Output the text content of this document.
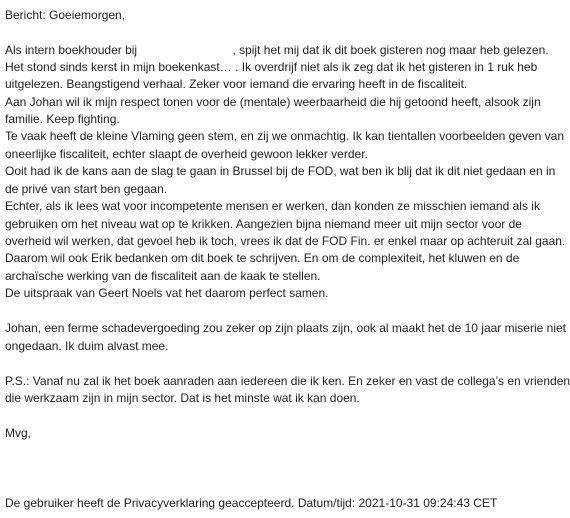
Bericht: Goeiemorgen,
Als intern boekhouder bij	, spijt het mij dat ik dit boek gisteren nog maar heb gelezen.
Het stond sinds kerst in mijn boekenkast… . Ik overdrijf niet als ik zeg dat ik het gisteren in 1 ruk heb
uitgelezen. Beangstigend verhaal. Zeker voor iemand die ervaring heeft in de fiscaliteit.
Aan Johan wil ik mijn respect tonen voor de (mentale) weerbaarheid die hij getoond heeft, alsook zijn
familie. Keep fighting.
Te vaak heeft de kleine Vlaming geen stem, en zij we onmachtig. Ik kan tientallen voorbeelden geven van
oneerlijke fiscaliteit, echter slaapt de overheid gewoon lekker verder.
Ooit had ik de kans aan de slag te gaan in Brussel bij de FOD, wat ben ik blij dat ik dit niet gedaan en in
de privé van start ben gegaan.
Echter, als ik lees wat voor incompetente mensen er werken, dan konden ze misschien iemand als ik
gebruiken om het niveau wat op te krikken. Aangezien bijna niemand meer uit mijn sector voor de
overheid wil werken, dat gevoel heb ik toch, vrees ik dat de FOD Fin. er enkel maar op achteruit zal gaan.
Daarom wil ook Erik bedanken om dit boek te schrijven. En om de complexiteit, het kluwen en de
archaïsche werking van de fiscaliteit aan de kaak te stellen.
De uitspraak van Geert Noels vat het daarom perfect samen.
Johan, een ferme schadevergoeding zou zeker op zijn plaats zijn, ook al maakt het de 10 jaar miserie niet
ongedaan. Ik duim alvast mee.
P.S.: Vanaf nu zal ik het boek aanraden aan iedereen die ik ken. En zeker en vast de collega’s en vrienden
die werkzaam zijn in mijn sector. Dat is het minste wat ik kan doen.
Mvg,
De gebruiker heeft de Privacyverklaring geaccepteerd. Datum/tijd: 2021-10-31 09:24:43 CET
